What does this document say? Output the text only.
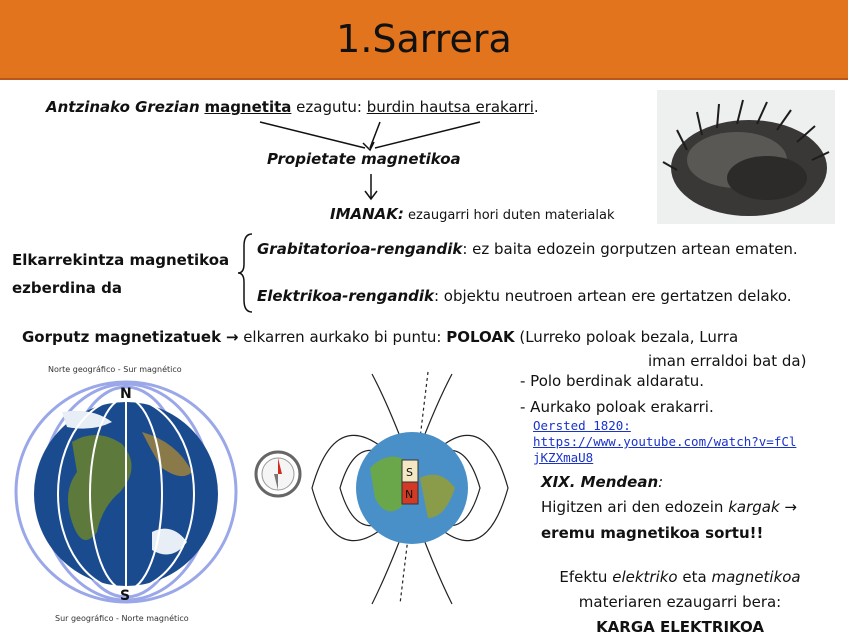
1.Sarrera
Antzinako Grezian magnetita ezagutu: burdin hautsa erakarri.
Propietate magnetikoa
IMANAK: ezaugarri hori duten materialak
Elkarrekintza magnetikoa
ezberdina da
Grabitatorioa-rengandik: ez baita edozein gorputzen artean ematen.
Elektrikoa-rengandik: objektu neutroen artean ere gertatzen delako.
Gorputz magnetizatuek → elkarren aurkako bi puntu: POLOAK (Lurreko poloak bezala, Lurra
iman erraldoi bat da)
Norte geográfico - Sur magnético
N
S
Sur geográfico - Norte magnético
S
N
- Polo berdinak aldaratu.
- Aurkako poloak erakarri.
Oersted 1820:
https://www.youtube.com/watch?v=fCl
jKZXmaU8
XIX. Mendean:
Higitzen ari den edozein kargak →
eremu magnetikoa sortu!!
Efektu elektriko eta magnetikoa
materiaren ezaugarri bera:
KARGA ELEKTRIKOA
